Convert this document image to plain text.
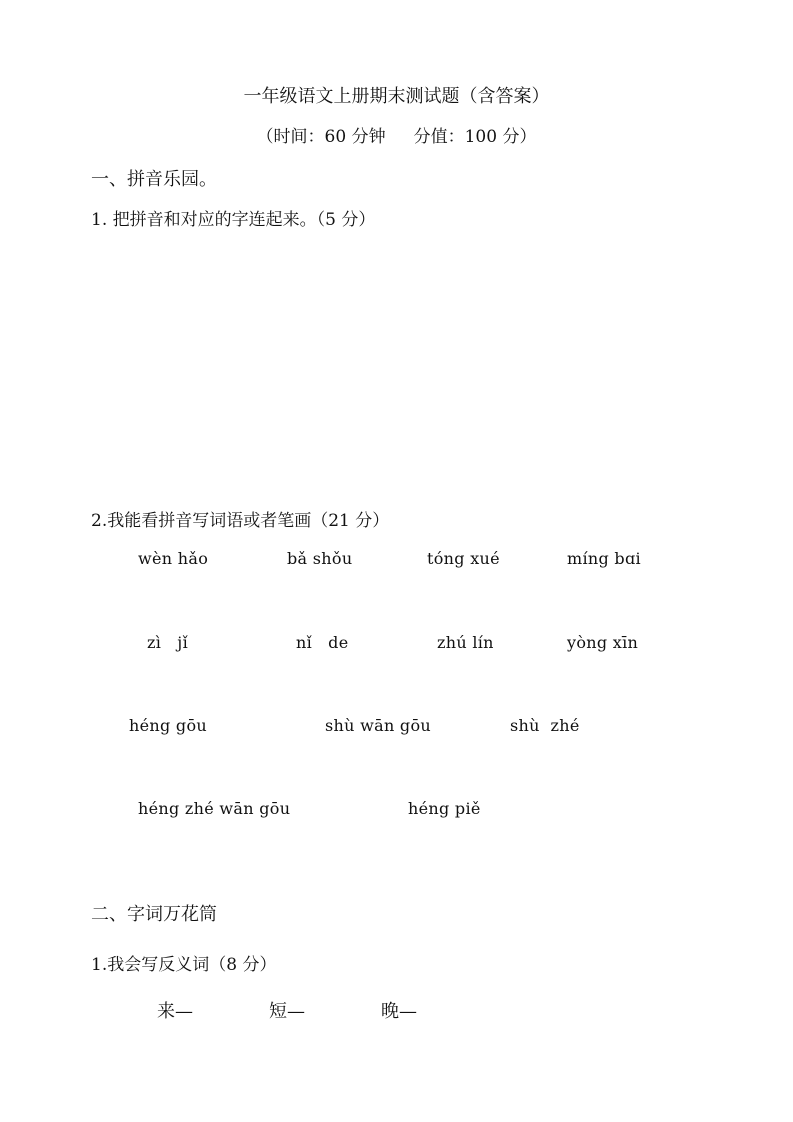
一年级语文上册期末测试题（含答案）
（时间：60 分钟 分值：100 分）
一、拼音乐园。
1. 把拼音和对应的字连起来。（5 分）
2.我能看拼音写词语或者笔画（21 分）
wèn hǎo	bǎ shǒu	tóng xué	míng bɑi
zì   jǐ	nǐ   de	zhú lín	yòng xīn
héng gōu	shù wān gōu	shù  zhé
héng zhé wān gōu	héng piě
二、字词万花筒
1.我会写反义词（8 分）
来—	短—	晚—
